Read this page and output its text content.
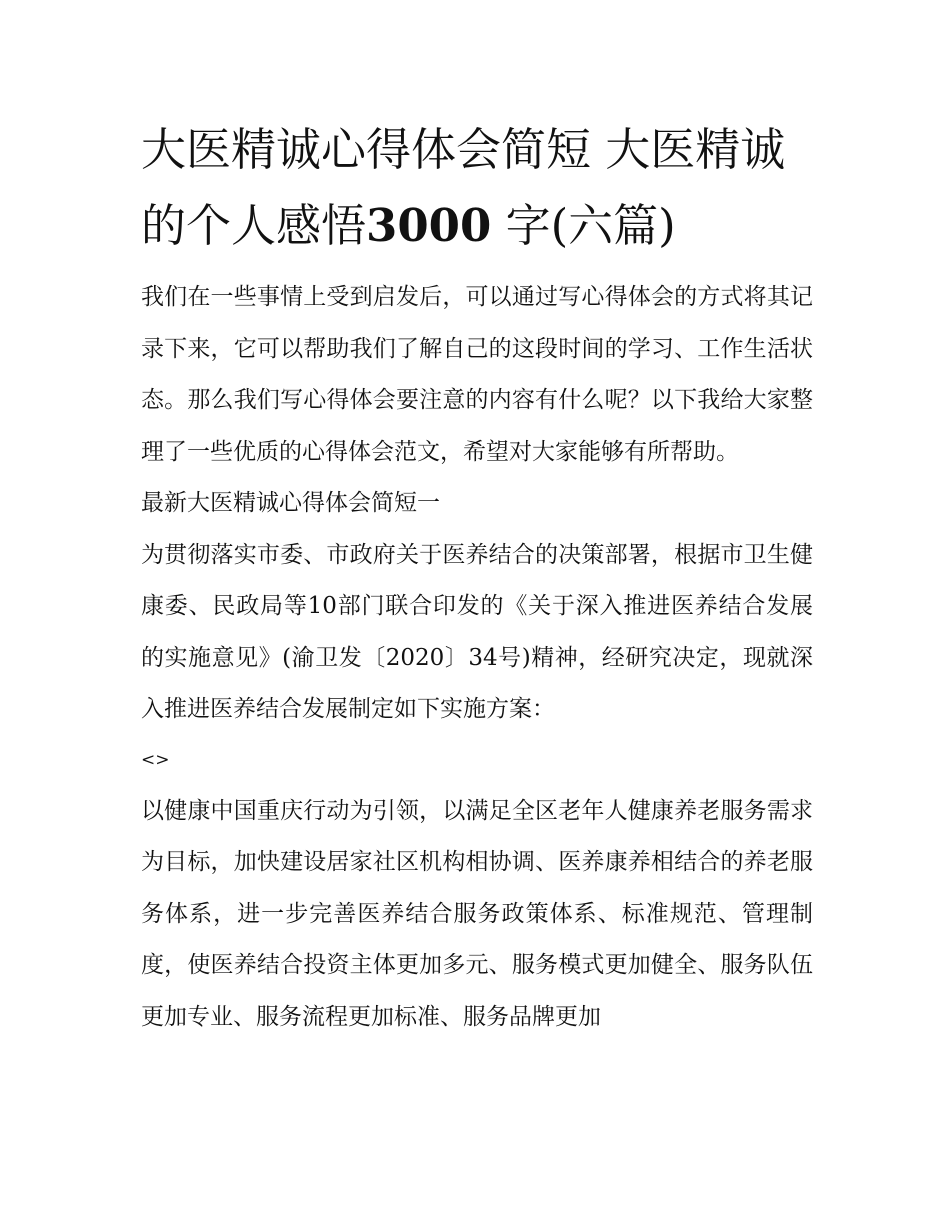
大医精诚心得体会简短 大医精诚的个人感悟3000 字(六篇)

我们在一些事情上受到启发后，可以通过写心得体会的方式将其记录下来，它可以帮助我们了解自己的这段时间的学习、工作生活状态。那么我们写心得体会要注意的内容有什么呢？以下我给大家整理了一些优质的心得体会范文，希望对大家能够有所帮助。

最新大医精诚心得体会简短一

为贯彻落实市委、市政府关于医养结合的决策部署，根据市卫生健康委、民政局等10部门联合印发的《关于深入推进医养结合发展的实施意见》(渝卫发〔2020〕34号)精神，经研究决定，现就深入推进医养结合发展制定如下实施方案：

<>

以健康中国重庆行动为引领，以满足全区老年人健康养老服务需求为目标，加快建设居家社区机构相协调、医养康养相结合的养老服务体系，进一步完善医养结合服务政策体系、标准规范、管理制度，使医养结合投资主体更加多元、服务模式更加健全、服务队伍更加专业、服务流程更加标准、服务品牌更加
